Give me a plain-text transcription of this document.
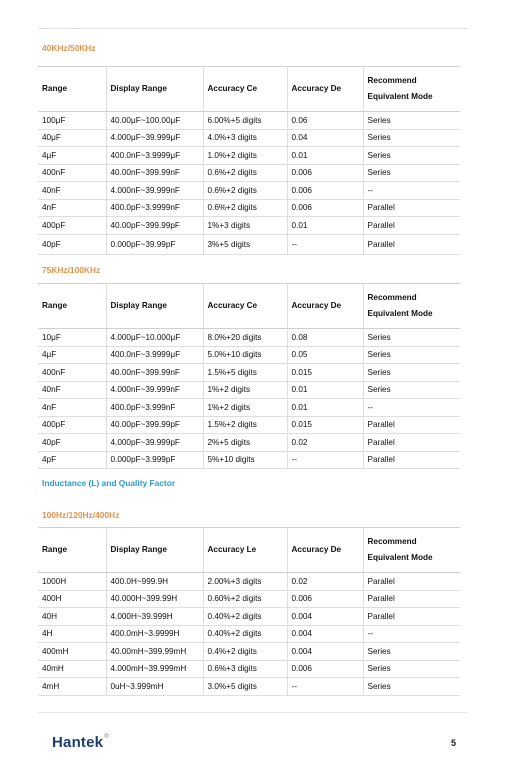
40KHz/50KHz
Range	Display Range	Accuracy Ce	Accuracy De	Recommend
Equivalent Mode
100μF	40.00μF~100.00μF	6.00%+5 digits	0.06	Series
40μF	4.000μF~39.999μF	4.0%+3 digits	0.04	Series
4μF	400.0nF~3.9999μF	1.0%+2 digits	0.01	Series
400nF	40.00nF~399.99nF	0.6%+2 digits	0.006	Series
40nF	4.000nF~39.999nF	0.6%+2 digits	0.006	--
4nF	400.0pF~3.9999nF	0.6%+2 digits	0.006	Parallel
400pF	40.00pF~399.99pF	1%+3 digits	0.01	Parallel
40pF	0.000pF~39.99pF	3%+5 digits	--	Parallel
75KHz/100KHz
Range	Display Range	Accuracy Ce	Accuracy De	Recommend
Equivalent Mode
10μF	4.000μF~10.000μF	8.0%+20 digits	0.08	Series
4μF	400.0nF~3.9999μF	5.0%+10 digits	0.05	Series
400nF	40.00nF~399.99nF	1.5%+5 digits	0.015	Series
40nF	4.000nF~39.999nF	1%+2 digits	0.01	Series
4nF	400.0pF~3.999nF	1%+2 digits	0.01	--
400pF	40.00pF~399.99pF	1.5%+2 digits	0.015	Parallel
40pF	4.000pF~39.999pF	2%+5 digits	0.02	Parallel
4pF	0.000pF~3.999pF	5%+10 digits	--	Parallel
Inductance (L) and Quality Factor
100Hz/120Hz/400Hz
Range	Display Range	Accuracy Le	Accuracy De	Recommend
Equivalent Mode
1000H	400.0H~999.9H	2.00%+3 digits	0.02	Parallel
400H	40.000H~399.99H	0.60%+2 digits	0.006	Parallel
40H	4.000H~39.999H	0.40%+2 digits	0.004	Parallel
4H	400.0mH~3.9999H	0.40%+2 digits	0.004	--
400mH	40.00mH~399.99mH	0.4%+2 digits	0.004	Series
40mH	4.000mH~39.999mH	0.6%+3 digits	0.006	Series
4mH	0uH~3.999mH	3.0%+5 digits	--	Series
Hantek®
5
